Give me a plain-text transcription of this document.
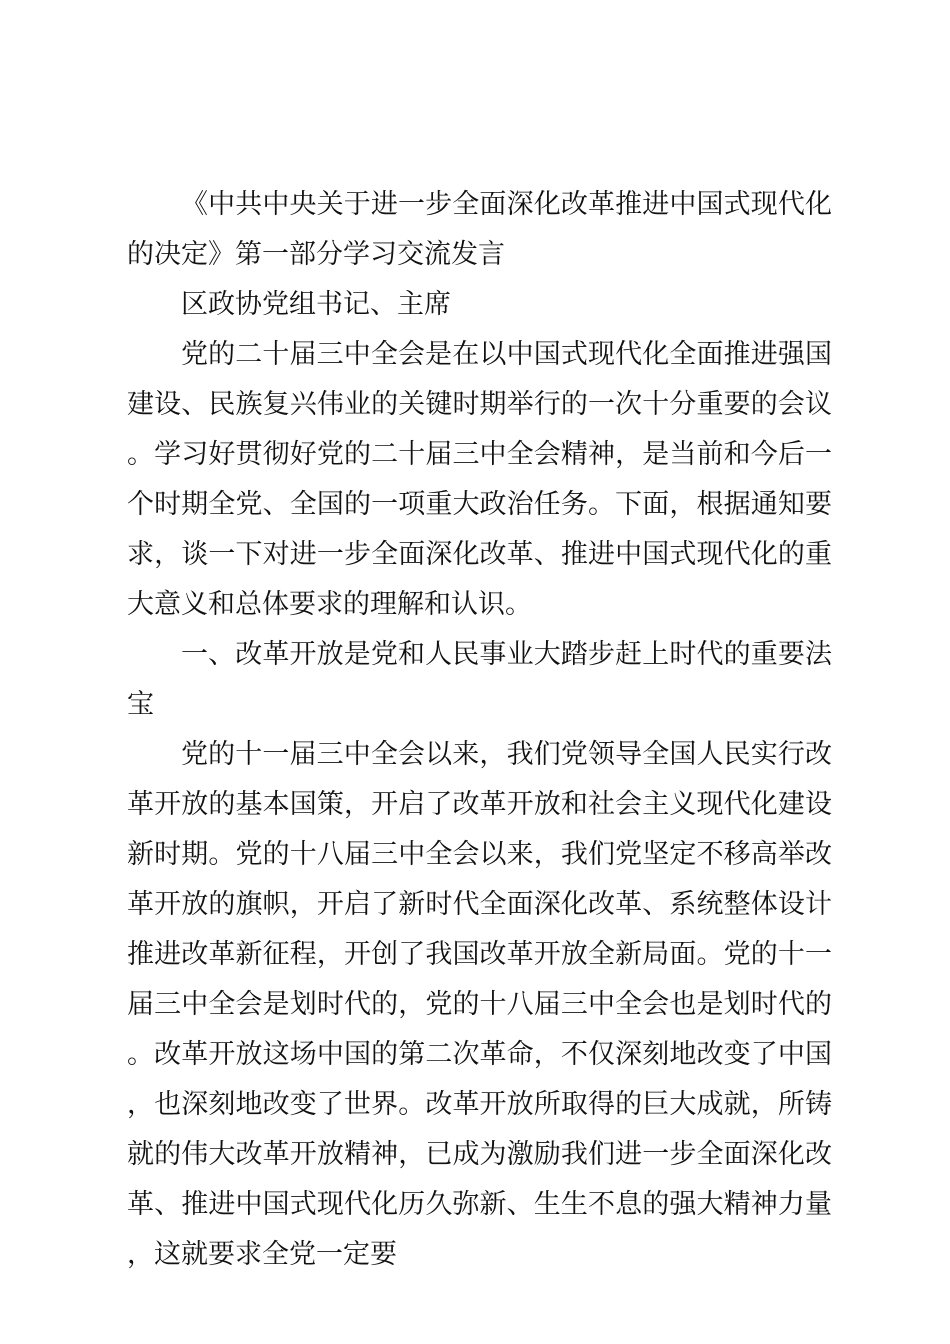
《中共中央关于进一步全面深化改革推进中国式现代化的决定》第一部分学习交流发言

区政协党组书记、主席

党的二十届三中全会是在以中国式现代化全面推进强国建设、民族复兴伟业的关键时期举行的一次十分重要的会议。学习好贯彻好党的二十届三中全会精神，是当前和今后一个时期全党、全国的一项重大政治任务。下面，根据通知要求，谈一下对进一步全面深化改革、推进中国式现代化的重大意义和总体要求的理解和认识。

一、改革开放是党和人民事业大踏步赶上时代的重要法宝

党的十一届三中全会以来，我们党领导全国人民实行改革开放的基本国策，开启了改革开放和社会主义现代化建设新时期。党的十八届三中全会以来，我们党坚定不移高举改革开放的旗帜，开启了新时代全面深化改革、系统整体设计推进改革新征程，开创了我国改革开放全新局面。党的十一届三中全会是划时代的，党的十八届三中全会也是划时代的。改革开放这场中国的第二次革命，不仅深刻地改变了中国，也深刻地改变了世界。改革开放所取得的巨大成就，所铸就的伟大改革开放精神，已成为激励我们进一步全面深化改革、推进中国式现代化历久弥新、生生不息的强大精神力量，这就要求全党一定要
